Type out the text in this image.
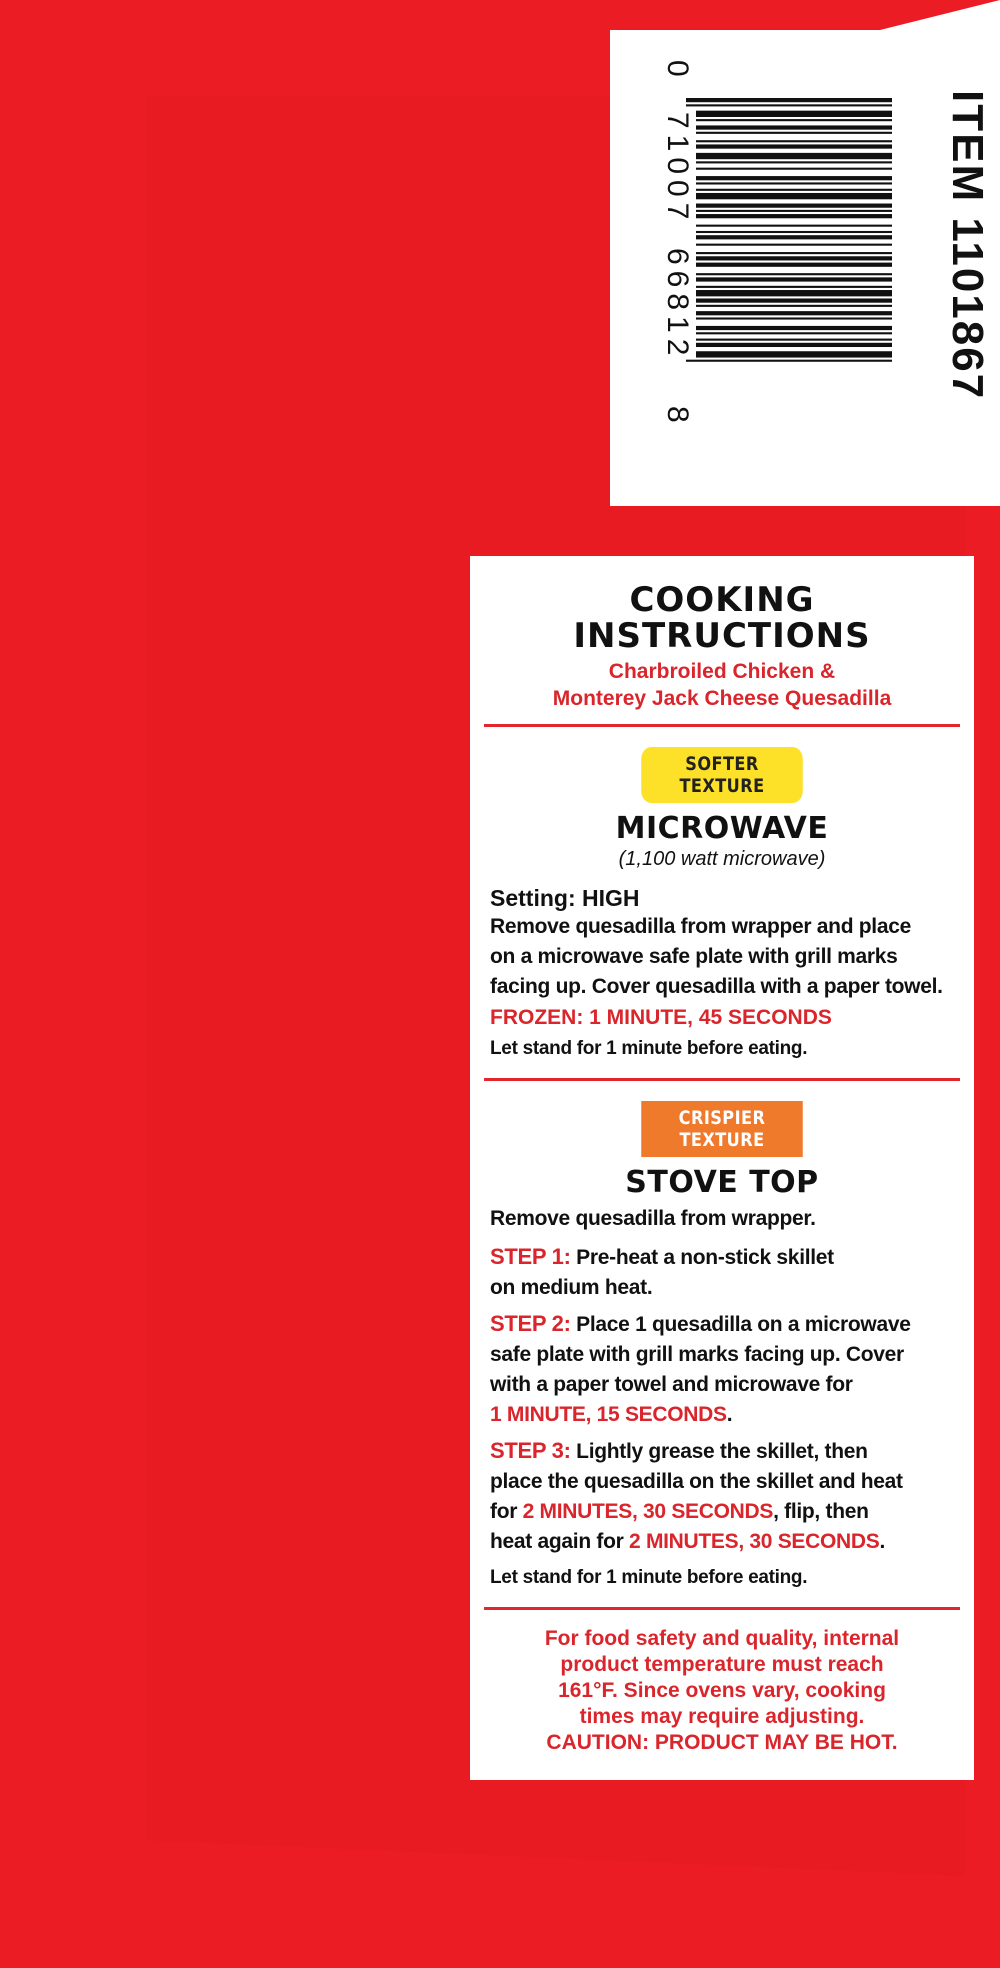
ITEM 1101867
0
71007
66812
8
COOKING
INSTRUCTIONS
Charbroiled Chicken &
Monterey Jack Cheese Quesadilla
SOFTER TEXTURE
MICROWAVE
(1,100 watt microwave)
Setting: HIGH
Remove quesadilla from wrapper and place
on a microwave safe plate with grill marks
facing up. Cover quesadilla with a paper towel.
FROZEN: 1 MINUTE, 45 SECONDS
Let stand for 1 minute before eating.
CRISPIER TEXTURE
STOVE TOP
Remove quesadilla from wrapper.
STEP 1: Pre-heat a non-stick skillet
on medium heat.
STEP 2: Place 1 quesadilla on a microwave
safe plate with grill marks facing up. Cover
with a paper towel and microwave for
1 MINUTE, 15 SECONDS.
STEP 3: Lightly grease the skillet, then
place the quesadilla on the skillet and heat
for 2 MINUTES, 30 SECONDS, flip, then
heat again for 2 MINUTES, 30 SECONDS.
Let stand for 1 minute before eating.
For food safety and quality, internal
product temperature must reach
161°F. Since ovens vary, cooking
times may require adjusting.
CAUTION: PRODUCT MAY BE HOT.
